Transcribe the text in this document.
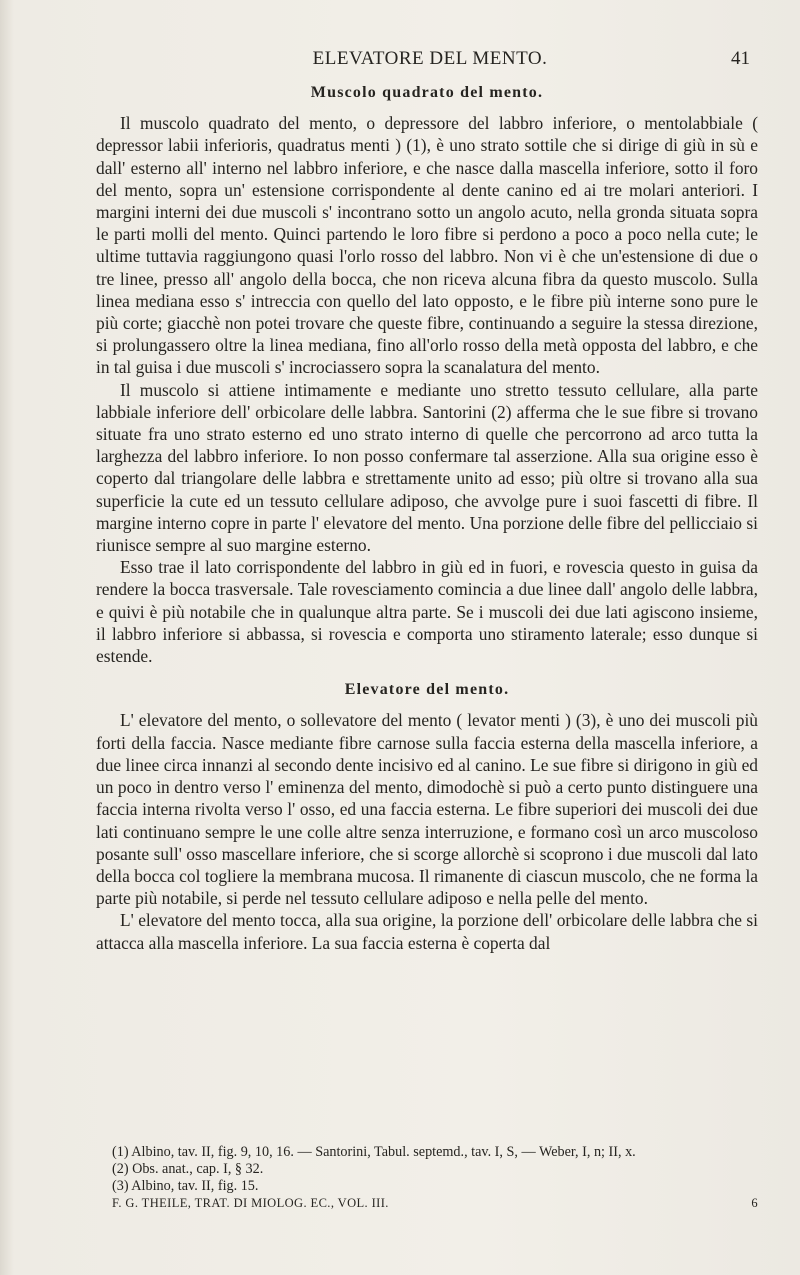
ELEVATORE DEL MENTO.	41
Muscolo quadrato del mento.

Il muscolo quadrato del mento, o depressore del labbro inferiore, o mentolabbiale ( depressor labii inferioris, quadratus menti ) (1), è uno strato sottile che si dirige di giù in sù e dall' esterno all' interno nel labbro inferiore, e che nasce dalla mascella inferiore, sotto il foro del mento, sopra un' estensione corrispondente al dente canino ed ai tre molari anteriori. I margini interni dei due muscoli s' incontrano sotto un angolo acuto, nella gronda situata sopra le parti molli del mento. Quinci partendo le loro fibre si perdono a poco a poco nella cute; le ultime tuttavia raggiungono quasi l'orlo rosso del labbro. Non vi è che un'estensione di due o tre linee, presso all' angolo della bocca, che non riceva alcuna fibra da questo muscolo. Sulla linea mediana esso s' intreccia con quello del lato opposto, e le fibre più interne sono pure le più corte; giacchè non potei trovare che queste fibre, continuando a seguire la stessa direzione, si prolungassero oltre la linea mediana, fino all'orlo rosso della metà opposta del labbro, e che in tal guisa i due muscoli s' incrociassero sopra la scanalatura del mento.

Il muscolo si attiene intimamente e mediante uno stretto tessuto cellulare, alla parte labbiale inferiore dell' orbicolare delle labbra. Santorini (2) afferma che le sue fibre si trovano situate fra uno strato esterno ed uno strato interno di quelle che percorrono ad arco tutta la larghezza del labbro inferiore. Io non posso confermare tal asserzione. Alla sua origine esso è coperto dal triangolare delle labbra e strettamente unito ad esso; più oltre si trovano alla sua superficie la cute ed un tessuto cellulare adiposo, che avvolge pure i suoi fascetti di fibre. Il margine interno copre in parte l' elevatore del mento. Una porzione delle fibre del pellicciaio si riunisce sempre al suo margine esterno.

Esso trae il lato corrispondente del labbro in giù ed in fuori, e rovescia questo in guisa da rendere la bocca trasversale. Tale rovesciamento comincia a due linee dall' angolo delle labbra, e quivi è più notabile che in qualunque altra parte. Se i muscoli dei due lati agiscono insieme, il labbro inferiore si abbassa, si rovescia e comporta uno stiramento laterale; esso dunque si estende.

Elevatore del mento.

L' elevatore del mento, o sollevatore del mento ( levator menti ) (3), è uno dei muscoli più forti della faccia. Nasce mediante fibre carnose sulla faccia esterna della mascella inferiore, a due linee circa innanzi al secondo dente incisivo ed al canino. Le sue fibre si dirigono in giù ed un poco in dentro verso l' eminenza del mento, dimodochè si può a certo punto distinguere una faccia interna rivolta verso l' osso, ed una faccia esterna. Le fibre superiori dei muscoli dei due lati continuano sempre le une colle altre senza interruzione, e formano così un arco muscoloso posante sull' osso mascellare inferiore, che si scorge allorchè si scoprono i due muscoli dal lato della bocca col togliere la membrana mucosa. Il rimanente di ciascun muscolo, che ne forma la parte più notabile, si perde nel tessuto cellulare adiposo e nella pelle del mento.

L' elevatore del mento tocca, alla sua origine, la porzione dell' orbicolare delle labbra che si attacca alla mascella inferiore. La sua faccia esterna è coperta dal

(1) Albino, tav. II, fig. 9, 10, 16. — Santorini, Tabul. septemd., tav. I, S, — Weber, I, n; II, x.

(2) Obs. anat., cap. I, § 32.

(3) Albino, tav. II, fig. 15.

F. G. THEILE, TRAT. DI MIOLOG. EC., VOL. III.	6
